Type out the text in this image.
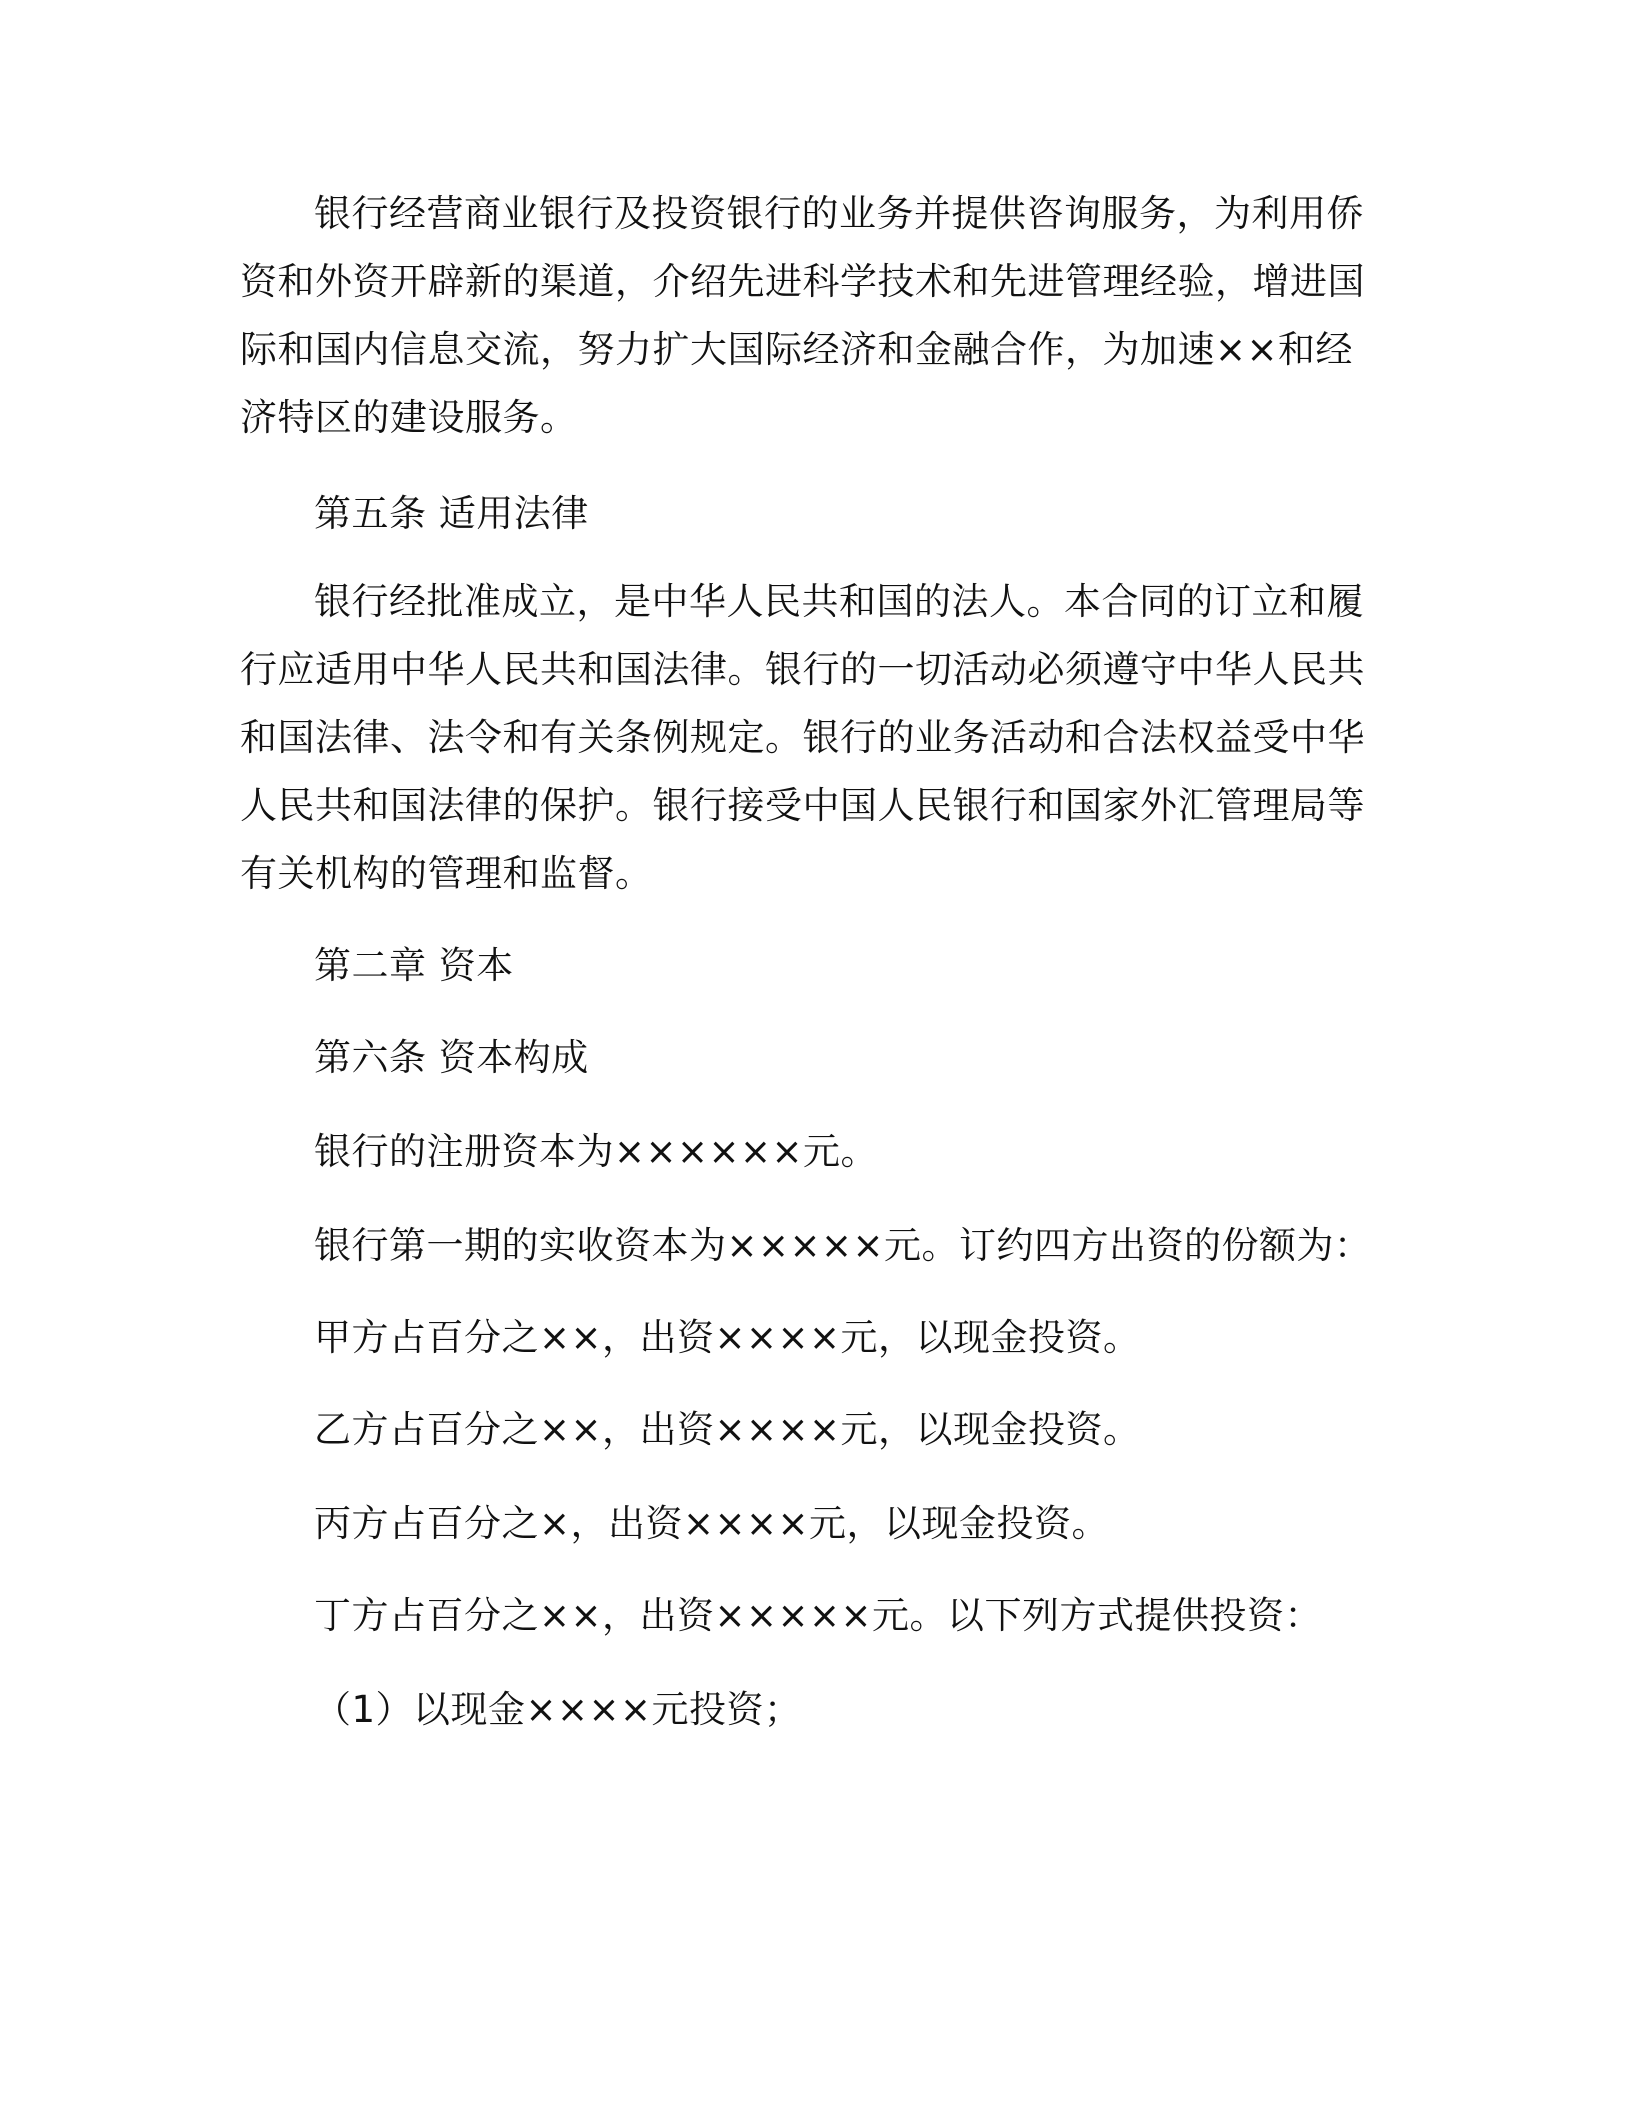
银行经营商业银行及投资银行的业务并提供咨询服务，为利用侨
资和外资开辟新的渠道，介绍先进科学技术和先进管理经验，增进国
际和国内信息交流，努力扩大国际经济和金融合作，为加速××和经
济特区的建设服务。
第五条 适用法律
银行经批准成立，是中华人民共和国的法人。本合同的订立和履
行应适用中华人民共和国法律。银行的一切活动必须遵守中华人民共
和国法律、法令和有关条例规定。银行的业务活动和合法权益受中华
人民共和国法律的保护。银行接受中国人民银行和国家外汇管理局等
有关机构的管理和监督。
第二章 资本
第六条 资本构成
银行的注册资本为××××××元。
银行第一期的实收资本为×××××元。订约四方出资的份额为：
甲方占百分之××，出资××××元，以现金投资。
乙方占百分之××，出资××××元，以现金投资。
丙方占百分之×，出资××××元，以现金投资。
丁方占百分之××，出资×××××元。以下列方式提供投资：
（1）以现金××××元投资；
